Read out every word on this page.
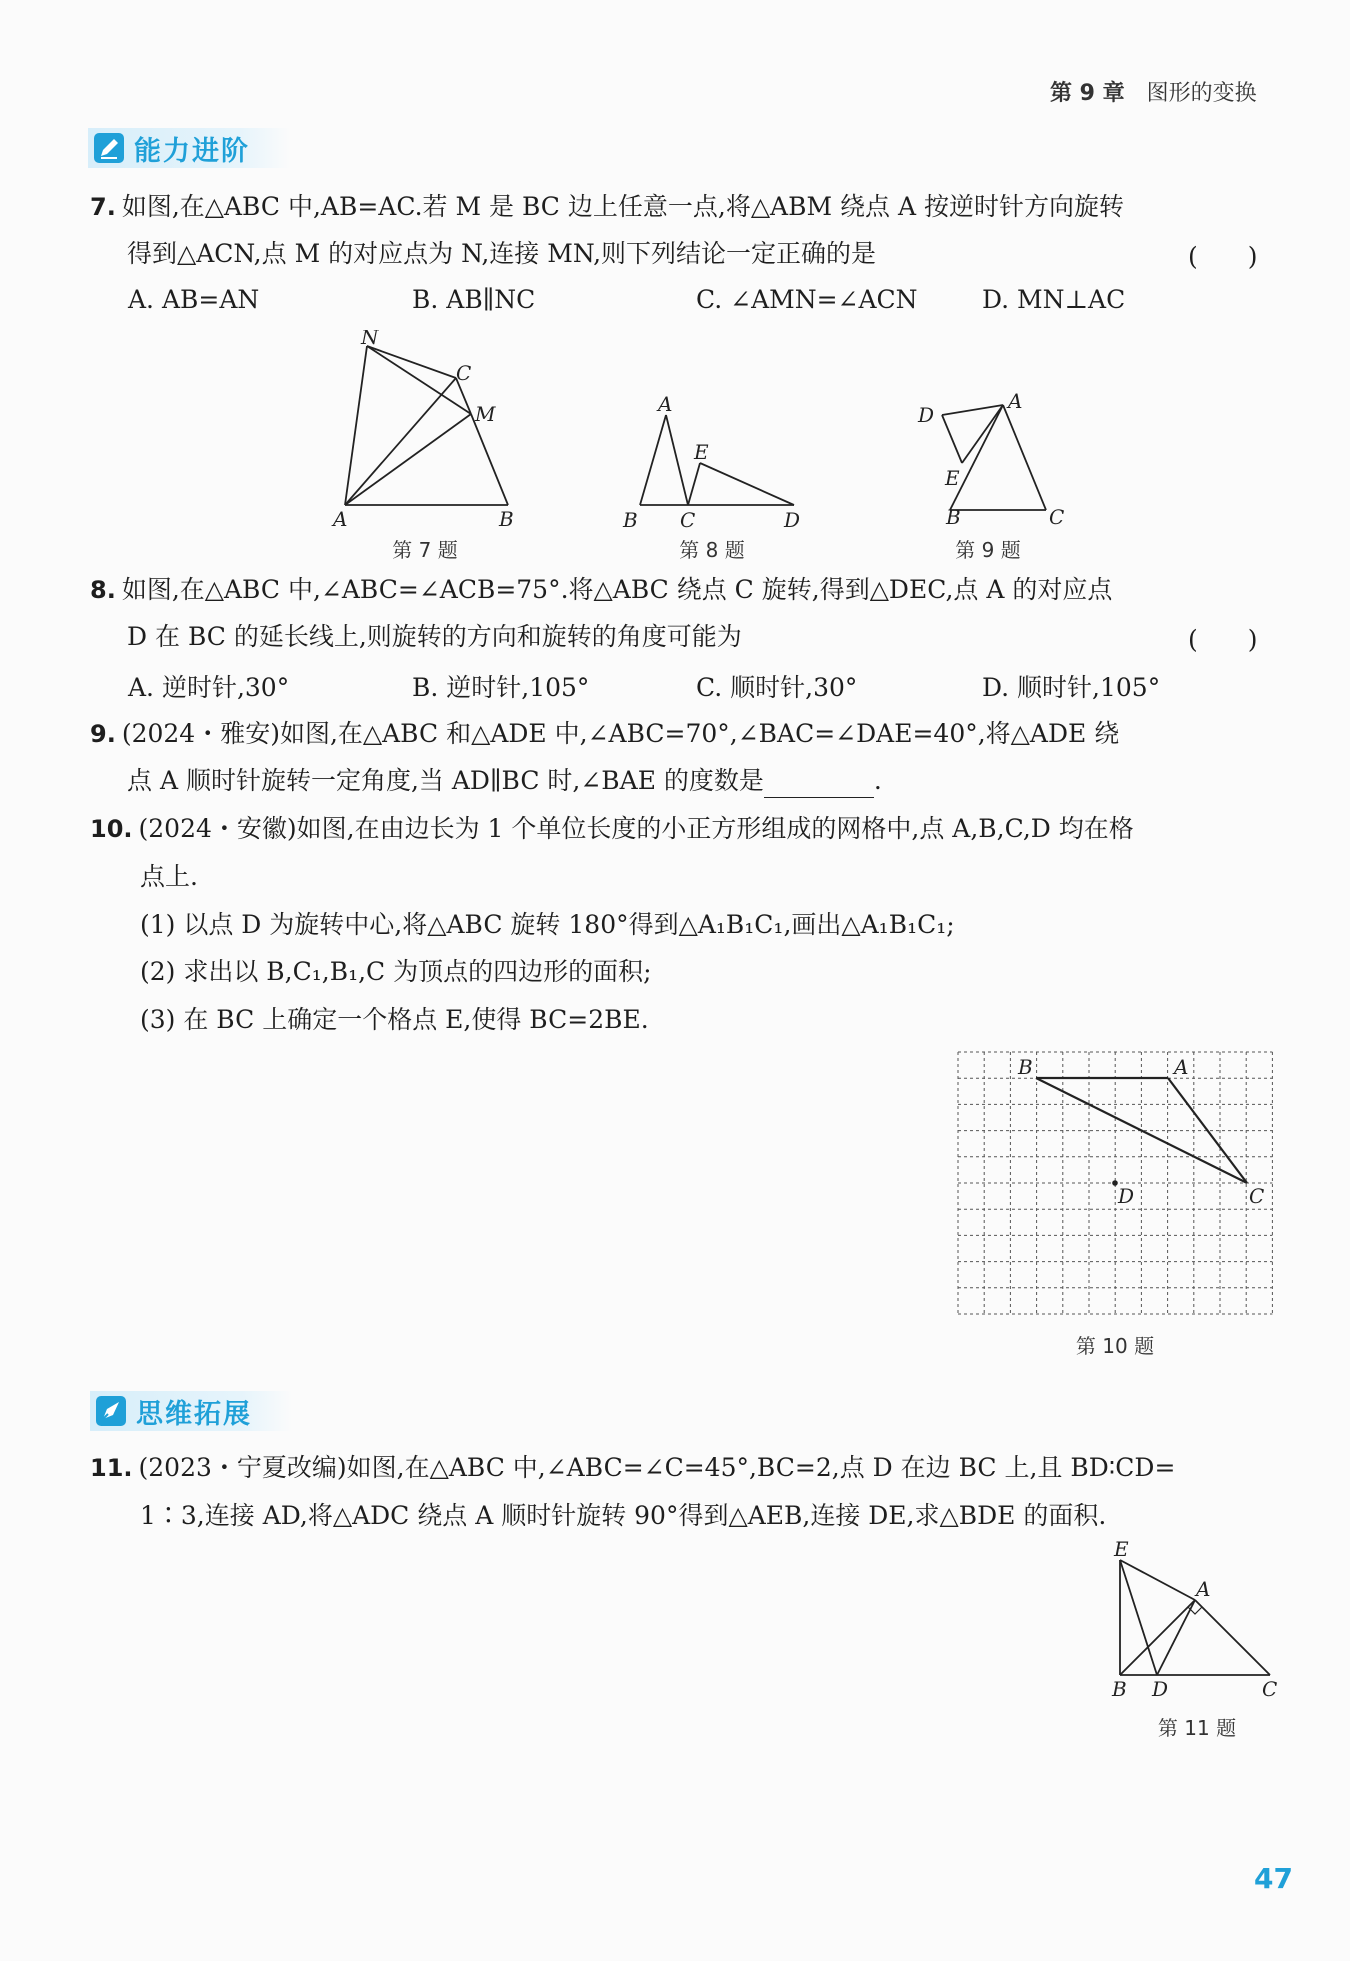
第 9 章 图形的变换
能力进阶
7. 如图,在△ABC 中,AB=AC.若 M 是 BC 边上任意一点,将△ABM 绕点 A 按逆时针方向旋转
得到△ACN,点 M 的对应点为 N,连接 MN,则下列结论一定正确的是	(　　)
A. AB=AN	B. AB∥NC	C. ∠AMN=∠ACN	D. MN⊥AC
N
C
M
A	B
第 7 题
A
E
B C	D
第 8 题
D
A
E
B	C
第 9 题
8. 如图,在△ABC 中,∠ABC=∠ACB=75°.将△ABC 绕点 C 旋转,得到△DEC,点 A 的对应点
D 在 BC 的延长线上,则旋转的方向和旋转的角度可能为	(　　)
A. 逆时针,30°	B. 逆时针,105°	C. 顺时针,30°	D. 顺时针,105°
9. (2024・雅安)如图,在△ABC 和△ADE 中,∠ABC=70°,∠BAC=∠DAE=40°,将△ADE 绕
点 A 顺时针旋转一定角度,当 AD∥BC 时,∠BAE 的度数是	.
10. (2024・安徽)如图,在由边长为 1 个单位长度的小正方形组成的网格中,点 A,B,C,D 均在格
点上.
(1) 以点 D 为旋转中心,将△ABC 旋转 180°得到△A₁B₁C₁,画出△A₁B₁C₁;
(2) 求出以 B,C₁,B₁,C 为顶点的四边形的面积;
(3) 在 BC 上确定一个格点 E,使得 BC=2BE.
B	A
D	C
第 10 题
思维拓展
11. (2023・宁夏改编)如图,在△ABC 中,∠ABC=∠C=45°,BC=2,点 D 在边 BC 上,且 BD∶CD=
1∶3,连接 AD,将△ADC 绕点 A 顺时针旋转 90°得到△AEB,连接 DE,求△BDE 的面积.
E
A
B D	C
第 11 题
47
